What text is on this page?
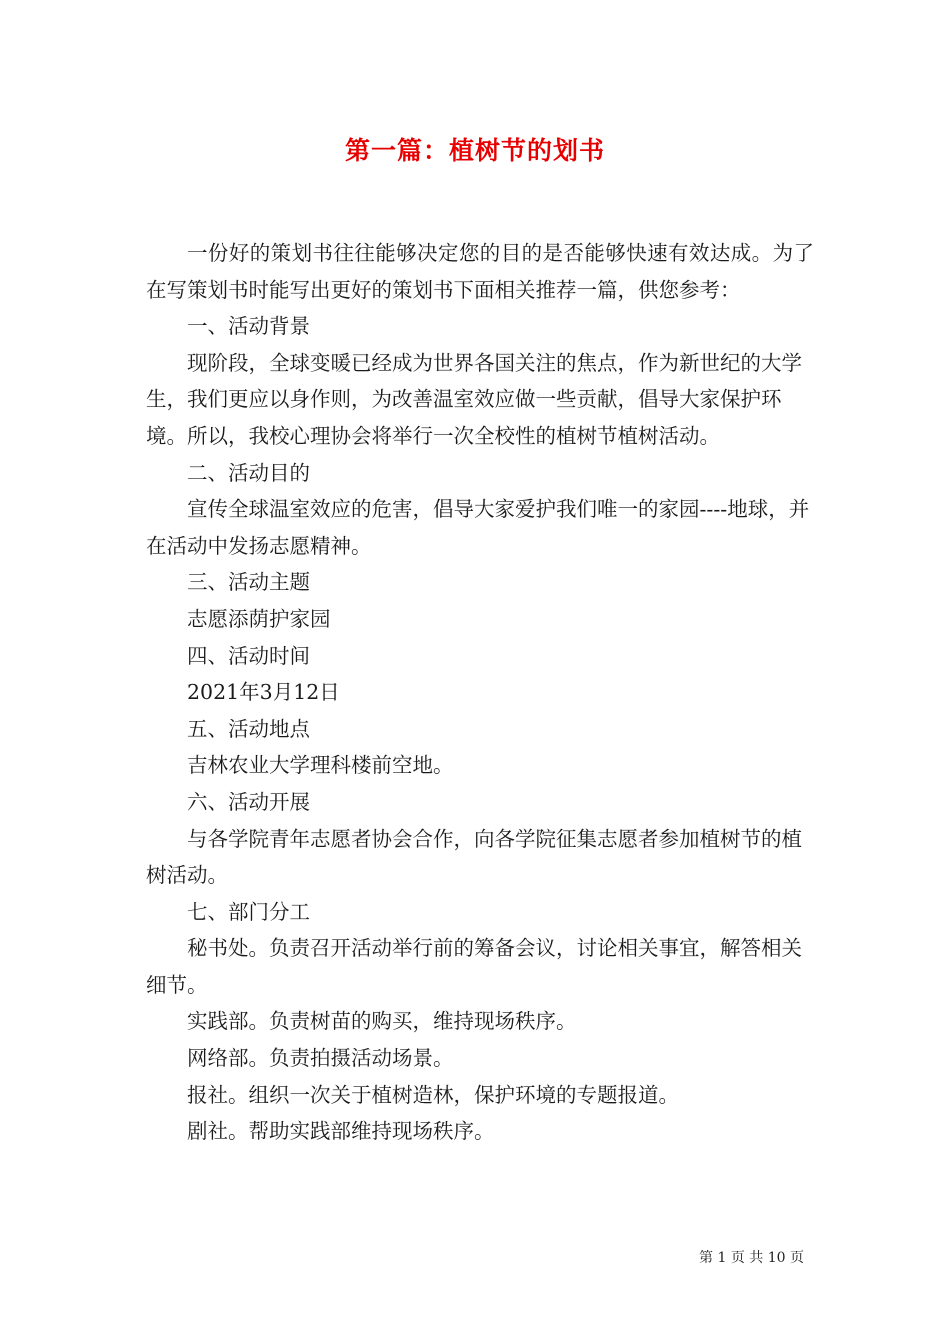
第一篇：植树节的划书

一份好的策划书往往能够决定您的目的是否能够快速有效达成。为了在写策划书时能写出更好的策划书下面相关推荐一篇，供您参考：

一、活动背景

现阶段，全球变暖已经成为世界各国关注的焦点，作为新世纪的大学生，我们更应以身作则，为改善温室效应做一些贡献，倡导大家保护环境。所以，我校心理协会将举行一次全校性的植树节植树活动。

二、活动目的

宣传全球温室效应的危害，倡导大家爱护我们唯一的家园----地球，并在活动中发扬志愿精神。

三、活动主题

志愿添荫护家园

四、活动时间

2021年3月12日

五、活动地点

吉林农业大学理科楼前空地。

六、活动开展

与各学院青年志愿者协会合作，向各学院征集志愿者参加植树节的植树活动。

七、部门分工

秘书处。负责召开活动举行前的筹备会议，讨论相关事宜，解答相关细节。

实践部。负责树苗的购买，维持现场秩序。

网络部。负责拍摄活动场景。

报社。组织一次关于植树造林，保护环境的专题报道。

剧社。帮助实践部维持现场秩序。

第 1 页 共 10 页
